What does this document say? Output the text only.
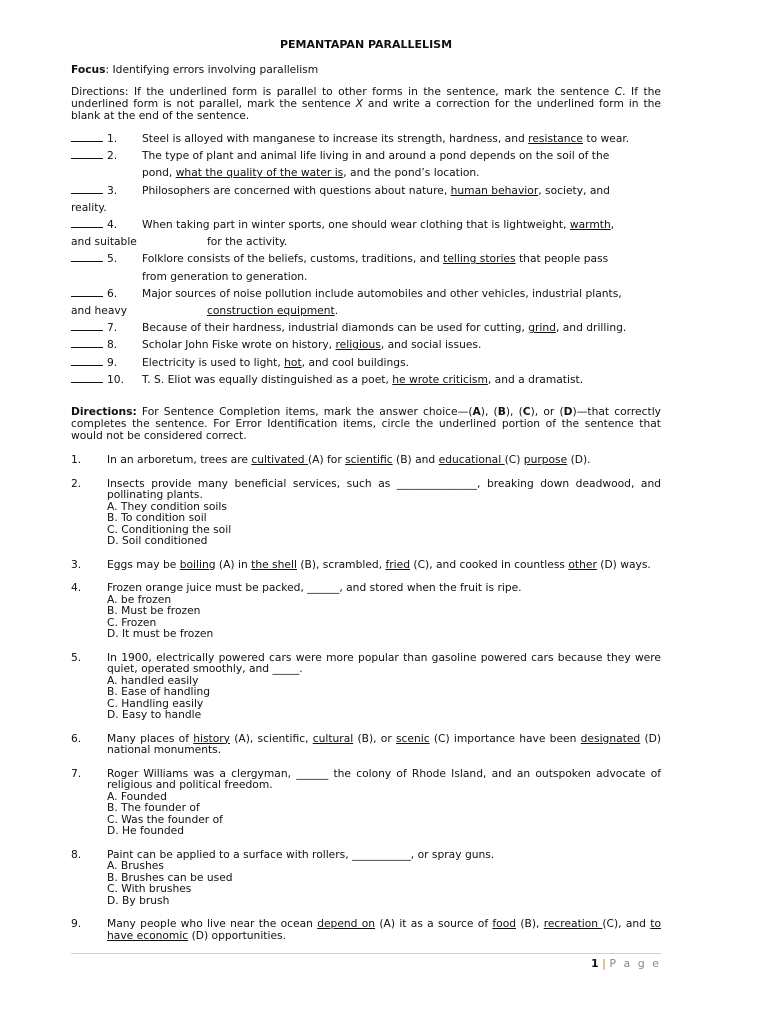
PEMANTAPAN PARALLELISM
Focus: Identifying errors involving parallelism
Directions: If the underlined form is parallel to other forms in the sentence, mark the sentence C. If the underlined form is not parallel, mark the sentence X and write a correction for the underlined form in the blank at the end of the sentence.
1. Steel is alloyed with manganese to increase its strength, hardness, and resistance to wear.
2. The type of plant and animal life living in and around a pond depends on the soil of the
pond, what the quality of the water is, and the pond’s location.
3. Philosophers are concerned with questions about nature, human behavior, society, and
reality.
4. When taking part in winter sports, one should wear clothing that is lightweight, warmth,
and suitable	for the activity.
5. Folklore consists of the beliefs, customs, traditions, and telling stories that people pass
from generation to generation.
6. Major sources of noise pollution include automobiles and other vehicles, industrial plants,
and heavy	construction equipment.
7. Because of their hardness, industrial diamonds can be used for cutting, grind, and drilling.
8. Scholar John Fiske wrote on history, religious, and social issues.
9. Electricity is used to light, hot, and cool buildings.
10. T. S. Eliot was equally distinguished as a poet, he wrote criticism, and a dramatist.
Directions: For Sentence Completion items, mark the answer choice—(A), (B), (C), or (D)—that correctly completes the sentence. For Error Identification items, circle the underlined portion of the sentence that would not be considered correct.
1. In an arboretum, trees are cultivated (A) for scientific (B) and educational (C) purpose (D).
2. Insects provide many beneficial services, such as _______________, breaking down deadwood, and pollinating plants.
A. They condition soils
B. To condition soil
C. Conditioning the soil
D. Soil conditioned
3. Eggs may be boiling (A) in the shell (B), scrambled, fried (C), and cooked in countless other (D) ways.
4. Frozen orange juice must be packed, ______, and stored when the fruit is ripe.
A. be frozen
B. Must be frozen
C. Frozen
D. It must be frozen
5. In 1900, electrically powered cars were more popular than gasoline powered cars because they were quiet, operated smoothly, and _____.
A. handled easily
B. Ease of handling
C. Handling easily
D. Easy to handle
6. Many places of history (A), scientific, cultural (B), or scenic (C) importance have been designated (D) national monuments.
7. Roger Williams was a clergyman, ______ the colony of Rhode Island, and an outspoken advocate of religious and political freedom.
A. Founded
B. The founder of
C. Was the founder of
D. He founded
8. Paint can be applied to a surface with rollers, ___________, or spray guns.
A. Brushes
B. Brushes can be used
C. With brushes
D. By brush
9. Many people who live near the ocean depend on (A) it as a source of food (B), recreation (C), and to have economic (D) opportunities.
1 | P a g e
